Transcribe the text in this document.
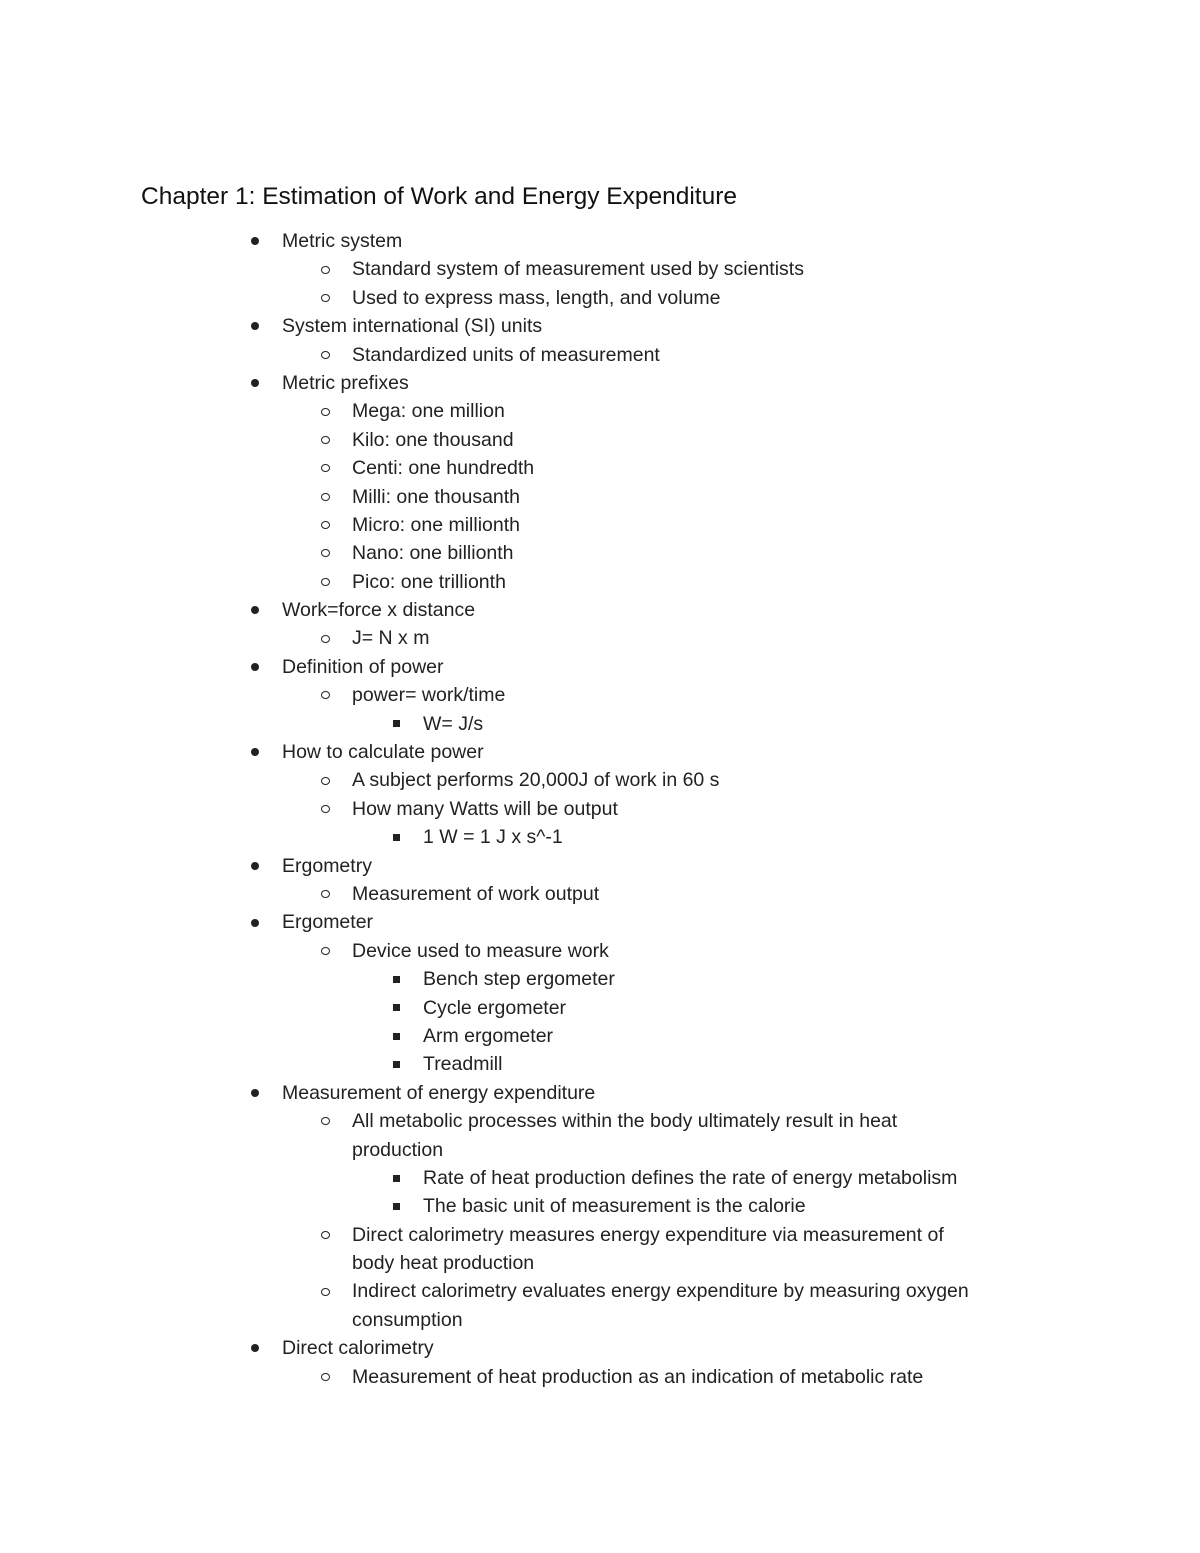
Chapter 1: Estimation of Work and Energy Expenditure
Metric system
Standard system of measurement used by scientists
Used to express mass, length, and volume
System international (SI) units
Standardized units of measurement
Metric prefixes
Mega: one million
Kilo: one thousand
Centi: one hundredth
Milli: one thousanth
Micro: one millionth
Nano: one billionth
Pico: one trillionth
Work=force x distance
J= N x m
Definition of power
power= work/time
W= J/s
How to calculate power
A subject performs 20,000J of work in 60 s
How many Watts will be output
1 W = 1 J x s^-1
Ergometry
Measurement of work output
Ergometer
Device used to measure work
Bench step ergometer
Cycle ergometer
Arm ergometer
Treadmill
Measurement of energy expenditure
All metabolic processes within the body ultimately result in heat
production
Rate of heat production defines the rate of energy metabolism
The basic unit of measurement is the calorie
Direct calorimetry measures energy expenditure via measurement of
body heat production
Indirect calorimetry evaluates energy expenditure by measuring oxygen
consumption
Direct calorimetry
Measurement of heat production as an indication of metabolic rate
